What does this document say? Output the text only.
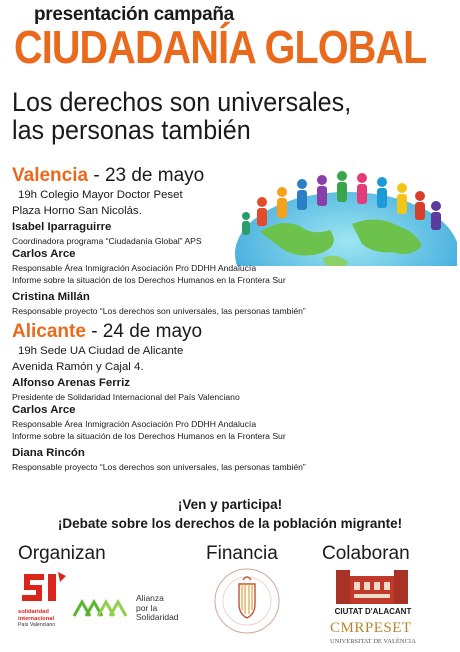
presentación campaña
CIUDADANÍA GLOBAL
Los derechos son universales,
las personas también
Valencia - 23 de mayo
19h Colegio Mayor Doctor Peset
Plaza Horno San Nicolás.
Isabel Iparraguirre
Coordinadora programa “Ciudadanía Global” APS
Carlos Arce
Responsable Área Inmigración Asociación Pro DDHH Andalucía
Informe sobre la situación de los Derechos Humanos en la Frontera Sur
Cristina Millán
Responsable proyecto “Los derechos son universales, las personas también”
Alicante - 24 de mayo
19h Sede UA Ciudad de Alicante
Avenida Ramón y Cajal 4.
Alfonso Arenas Ferriz
Presidente de Solidaridad Internacional del País Valenciano
Carlos Arce
Responsable Área Inmigración Asociación Pro DDHH Andalucía
Informe sobre la situación de los Derechos Humanos en la Frontera Sur
Diana Rincón
Responsable proyecto “Los derechos son universales, las personas también”
¡Ven y participa!
¡Debate sobre los derechos de la población migrante!
Organizan	Financia Colaboran
solidaridad
internacional
País Valenciano
Alianza
por la
Solidaridad
CIUTAT D'ALACANT
CMRPESET
UNIVERSITAT DE VALÈNCIA
